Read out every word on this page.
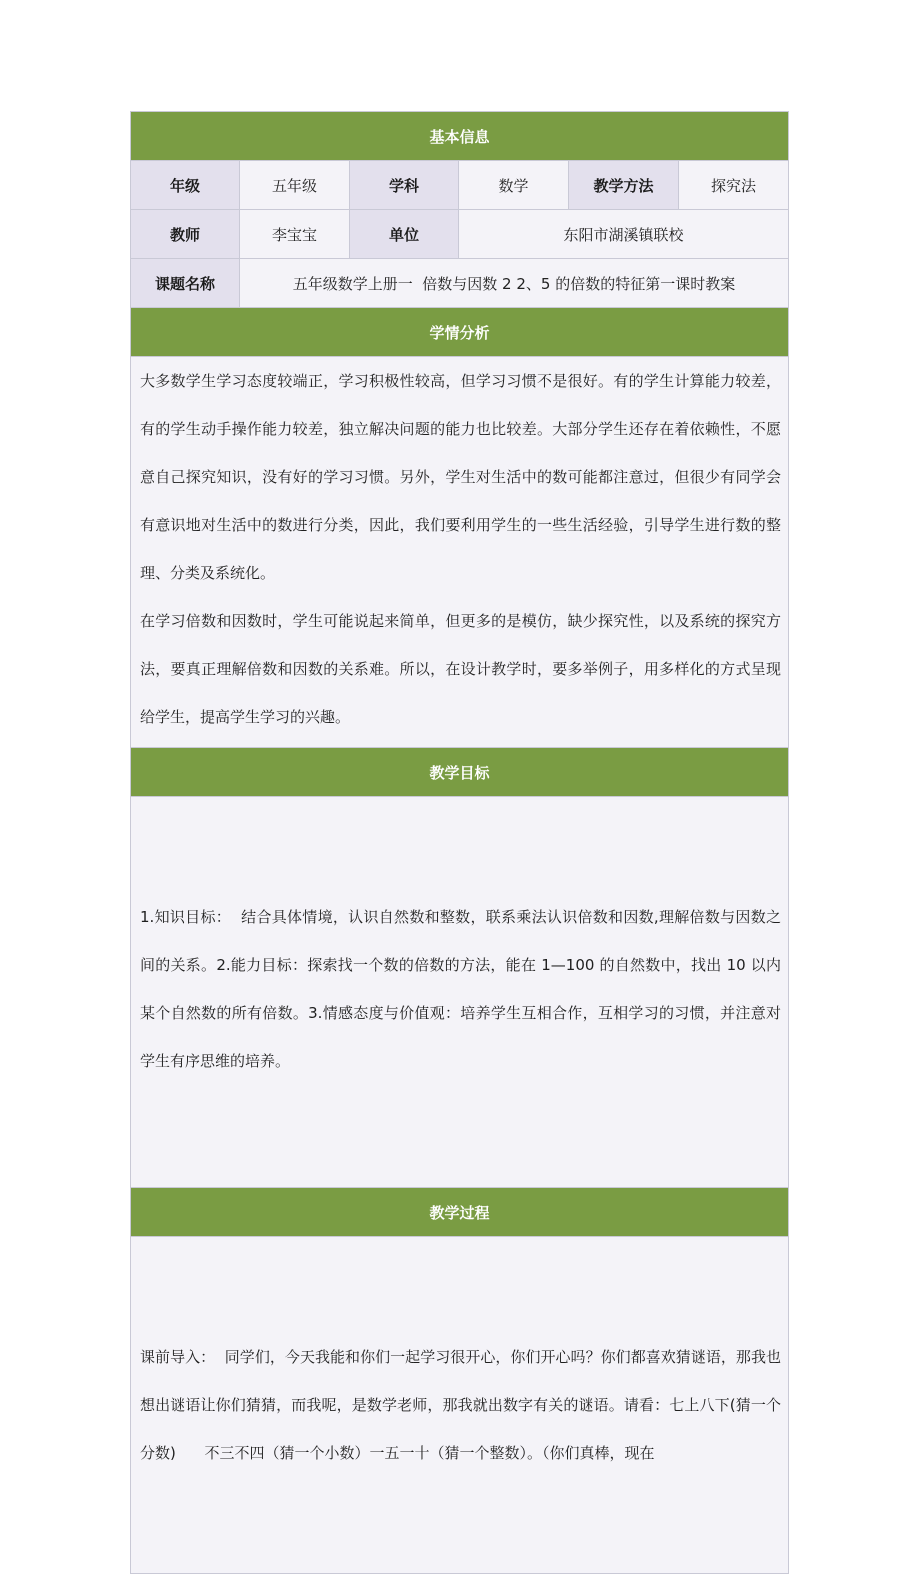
基本信息
年级	五年级	学科	数学	教学方法	探究法
教师	李宝宝	单位	东阳市湖溪镇联校
课题名称	五年级数学上册一  倍数与因数 2 2、5 的倍数的特征第一课时教案
学情分析

大多数学生学习态度较端正，学习积极性较高，但学习习惯不是很好。有的学生计算能力较差，有的学生动手操作能力较差，独立解决问题的能力也比较差。大部分学生还存在着依赖性，不愿意自己探究知识，没有好的学习习惯。另外，学生对生活中的数可能都注意过，但很少有同学会有意识地对生活中的数进行分类，因此，我们要利用学生的一些生活经验，引导学生进行数的整理、分类及系统化。

在学习倍数和因数时，学生可能说起来简单，但更多的是模仿，缺少探究性，以及系统的探究方法，要真正理解倍数和因数的关系难。所以，在设计教学时，要多举例子，用多样化的方式呈现给学生，提高学生学习的兴趣。

教学目标

1.知识目标：  结合具体情境，认识自然数和整数，联系乘法认识倍数和因数,理解倍数与因数之间的关系。2.能力目标：探索找一个数的倍数的方法，能在 1—100 的自然数中，找出 10 以内某个自然数的所有倍数。3.情感态度与价值观：培养学生互相合作，互相学习的习惯，并注意对学生有序思维的培养。

教学过程

课前导入：  同学们，今天我能和你们一起学习很开心，你们开心吗？你们都喜欢猜谜语，那我也想出谜语让你们猜猜，而我呢，是数学老师，那我就出数字有关的谜语。请看：七上八下(猜一个分数)      不三不四（猜一个小数）一五一十（猜一个整数）。（你们真棒，现在
